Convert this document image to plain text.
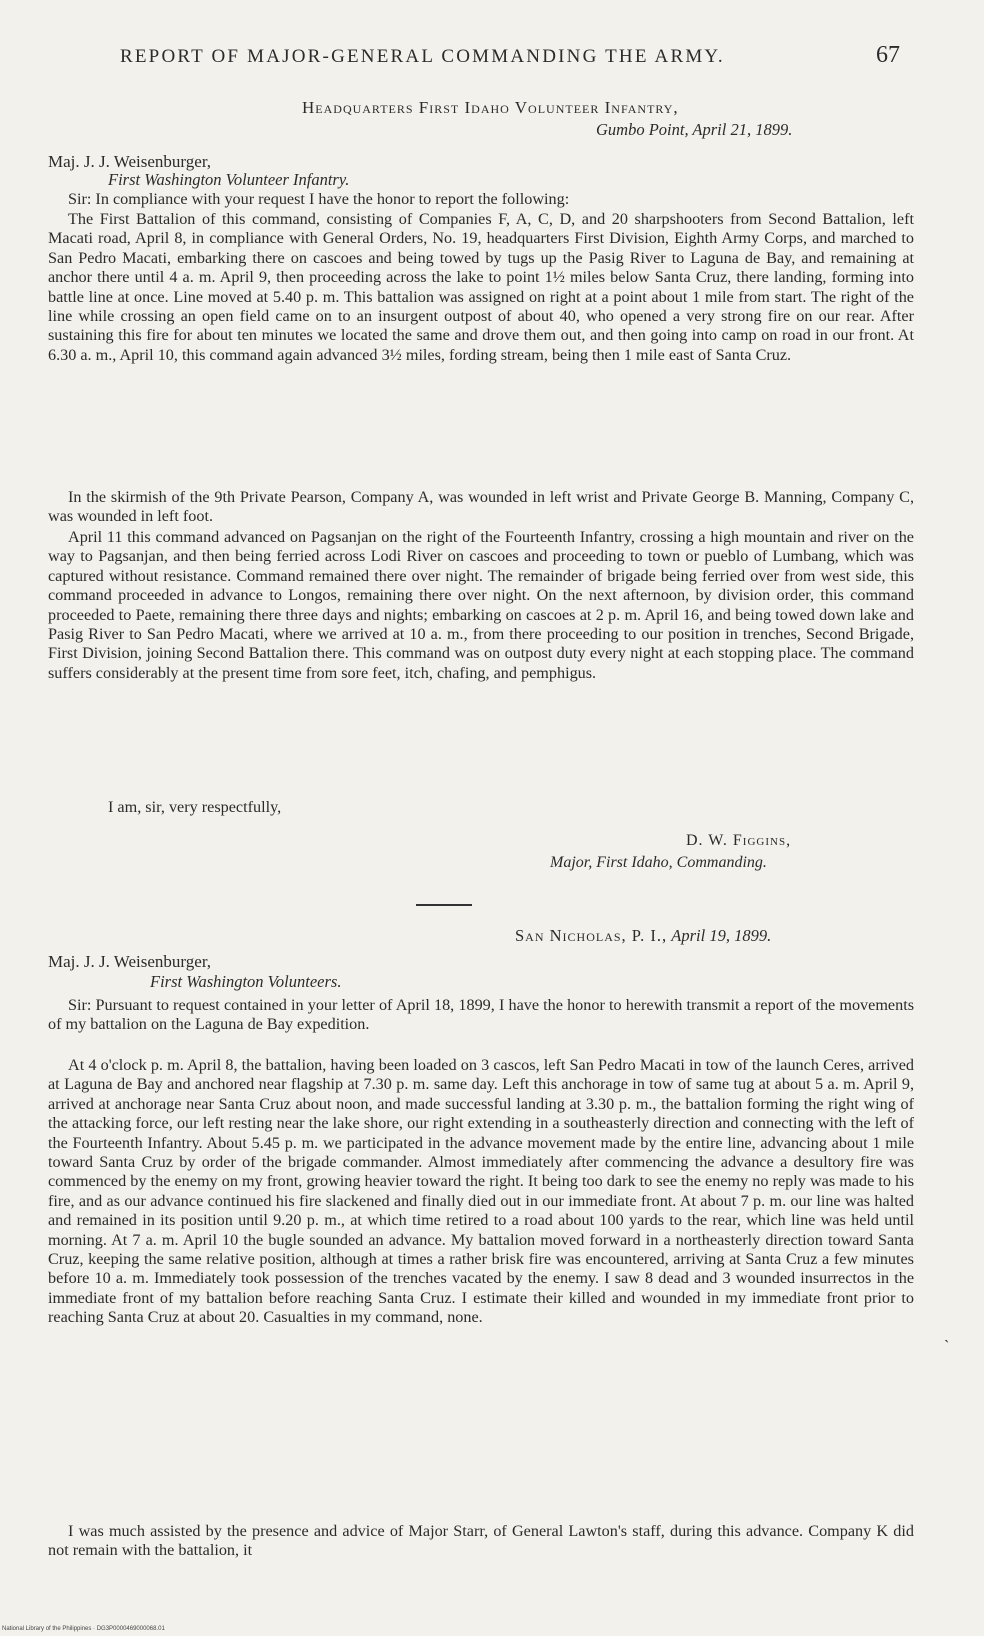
REPORT OF MAJOR-GENERAL COMMANDING THE ARMY.	67
Headquarters First Idaho Volunteer Infantry,
Gumbo Point, April 21, 1899.
Maj. J. J. Weisenburger,
First Washington Volunteer Infantry.

Sir: In compliance with your request I have the honor to report the following:

The First Battalion of this command, consisting of Companies F, A, C, D, and 20 sharpshooters from Second Battalion, left Macati road, April 8, in compliance with General Orders, No. 19, headquarters First Division, Eighth Army Corps, and marched to San Pedro Macati, embarking there on cascoes and being towed by tugs up the Pasig River to Laguna de Bay, and remaining at anchor there until 4 a. m. April 9, then proceeding across the lake to point 1½ miles below Santa Cruz, there landing, forming into battle line at once. Line moved at 5.40 p. m. This battalion was assigned on right at a point about 1 mile from start. The right of the line while crossing an open field came on to an insurgent outpost of about 40, who opened a very strong fire on our rear. After sustaining this fire for about ten minutes we located the same and drove them out, and then going into camp on road in our front. At 6.30 a. m., April 10, this command again advanced 3½ miles, fording stream, being then 1 mile east of Santa Cruz.

In the skirmish of the 9th Private Pearson, Company A, was wounded in left wrist and Private George B. Manning, Company C, was wounded in left foot.

April 11 this command advanced on Pagsanjan on the right of the Fourteenth Infantry, crossing a high mountain and river on the way to Pagsanjan, and then being ferried across Lodi River on cascoes and proceeding to town or pueblo of Lumbang, which was captured without resistance. Command remained there over night. The remainder of brigade being ferried over from west side, this command proceeded in advance to Longos, remaining there over night. On the next afternoon, by division order, this command proceeded to Paete, remaining there three days and nights; embarking on cascoes at 2 p. m. April 16, and being towed down lake and Pasig River to San Pedro Macati, where we arrived at 10 a. m., from there proceeding to our position in trenches, Second Brigade, First Division, joining Second Battalion there. This command was on outpost duty every night at each stopping place. The command suffers considerably at the present time from sore feet, itch, chafing, and pemphigus.

I am, sir, very respectfully,
D. W. Figgins,
Major, First Idaho, Commanding.
San Nicholas, P. I., April 19, 1899.
Maj. J. J. Weisenburger,
First Washington Volunteers.

Sir: Pursuant to request contained in your letter of April 18, 1899, I have the honor to herewith transmit a report of the movements of my battalion on the Laguna de Bay expedition.

At 4 o'clock p. m. April 8, the battalion, having been loaded on 3 cascos, left San Pedro Macati in tow of the launch Ceres, arrived at Laguna de Bay and anchored near flagship at 7.30 p. m. same day. Left this anchorage in tow of same tug at about 5 a. m. April 9, arrived at anchorage near Santa Cruz about noon, and made successful landing at 3.30 p. m., the battalion forming the right wing of the attacking force, our left resting near the lake shore, our right extending in a southeasterly direction and connecting with the left of the Fourteenth Infantry. About 5.45 p. m. we participated in the advance movement made by the entire line, advancing about 1 mile toward Santa Cruz by order of the brigade commander. Almost immediately after commencing the advance a desultory fire was commenced by the enemy on my front, growing heavier toward the right. It being too dark to see the enemy no reply was made to his fire, and as our advance continued his fire slackened and finally died out in our immediate front. At about 7 p. m. our line was halted and remained in its position until 9.20 p. m., at which time retired to a road about 100 yards to the rear, which line was held until morning. At 7 a. m. April 10 the bugle sounded an advance. My battalion moved forward in a northeasterly direction toward Santa Cruz, keeping the same relative position, although at times a rather brisk fire was encountered, arriving at Santa Cruz a few minutes before 10 a. m. Immediately took possession of the trenches vacated by the enemy. I saw 8 dead and 3 wounded insurrectos in the immediate front of my battalion before reaching Santa Cruz. I estimate their killed and wounded in my immediate front prior to reaching Santa Cruz at about 20. Casualties in my command, none.

I was much assisted by the presence and advice of Major Starr, of General Lawton's staff, during this advance. Company K did not remain with the battalion, it

ˋ
National Library of the Philippines · DG3P0000469000068.01
